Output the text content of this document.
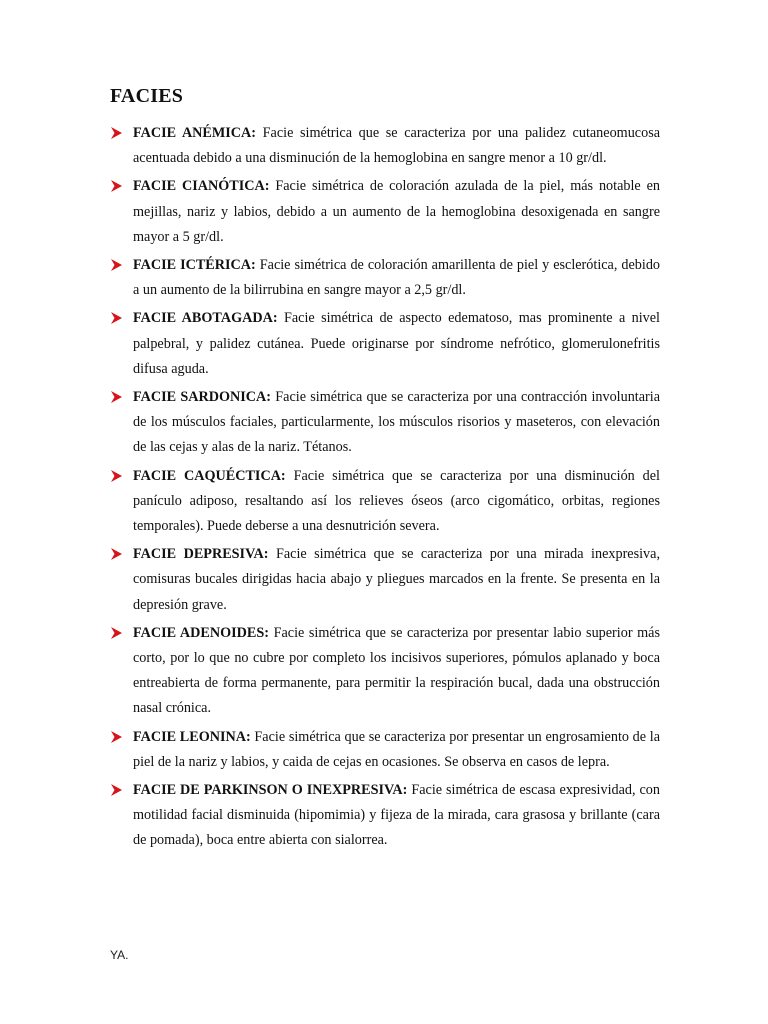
FACIES
FACIE ANÉMICA: Facie simétrica que se caracteriza por una palidez cutaneomucosa acentuada debido a una disminución de la hemoglobina en sangre menor a 10 gr/dl.
FACIE CIANÓTICA: Facie simétrica de coloración azulada de la piel, más notable en mejillas, nariz y labios, debido a un aumento de la hemoglobina desoxigenada en sangre mayor a 5 gr/dl.
FACIE ICTÉRICA: Facie simétrica de coloración amarillenta de piel y esclerótica, debido a un aumento de la bilirrubina en sangre mayor a 2,5 gr/dl.
FACIE ABOTAGADA: Facie simétrica de aspecto edematoso, mas prominente a nivel palpebral, y palidez cutánea. Puede originarse por síndrome nefrótico, glomerulonefritis difusa aguda.
FACIE SARDONICA: Facie simétrica que se caracteriza por una contracción involuntaria de los músculos faciales, particularmente, los músculos risorios y maseteros, con elevación de las cejas y alas de la nariz. Tétanos.
FACIE CAQUÉCTICA: Facie simétrica que se caracteriza por una disminución del panículo adiposo, resaltando así los relieves óseos (arco cigomático, orbitas, regiones temporales). Puede deberse a una desnutrición severa.
FACIE DEPRESIVA: Facie simétrica que se caracteriza por una mirada inexpresiva, comisuras bucales dirigidas hacia abajo y pliegues marcados en la frente. Se presenta en la depresión grave.
FACIE ADENOIDES: Facie simétrica que se caracteriza por presentar labio superior más corto, por lo que no cubre por completo los incisivos superiores, pómulos aplanado y boca entreabierta de forma permanente, para permitir la respiración bucal, dada una obstrucción nasal crónica.
FACIE LEONINA: Facie simétrica que se caracteriza por presentar un engrosamiento de la piel de la nariz y labios, y caida de cejas en ocasiones. Se observa en casos de lepra.
FACIE DE PARKINSON O INEXPRESIVA: Facie simétrica de escasa expresividad, con motilidad facial disminuida (hipomimia) y fijeza de la mirada, cara grasosa y brillante (cara de pomada), boca entre abierta con sialorrea.
YA.
